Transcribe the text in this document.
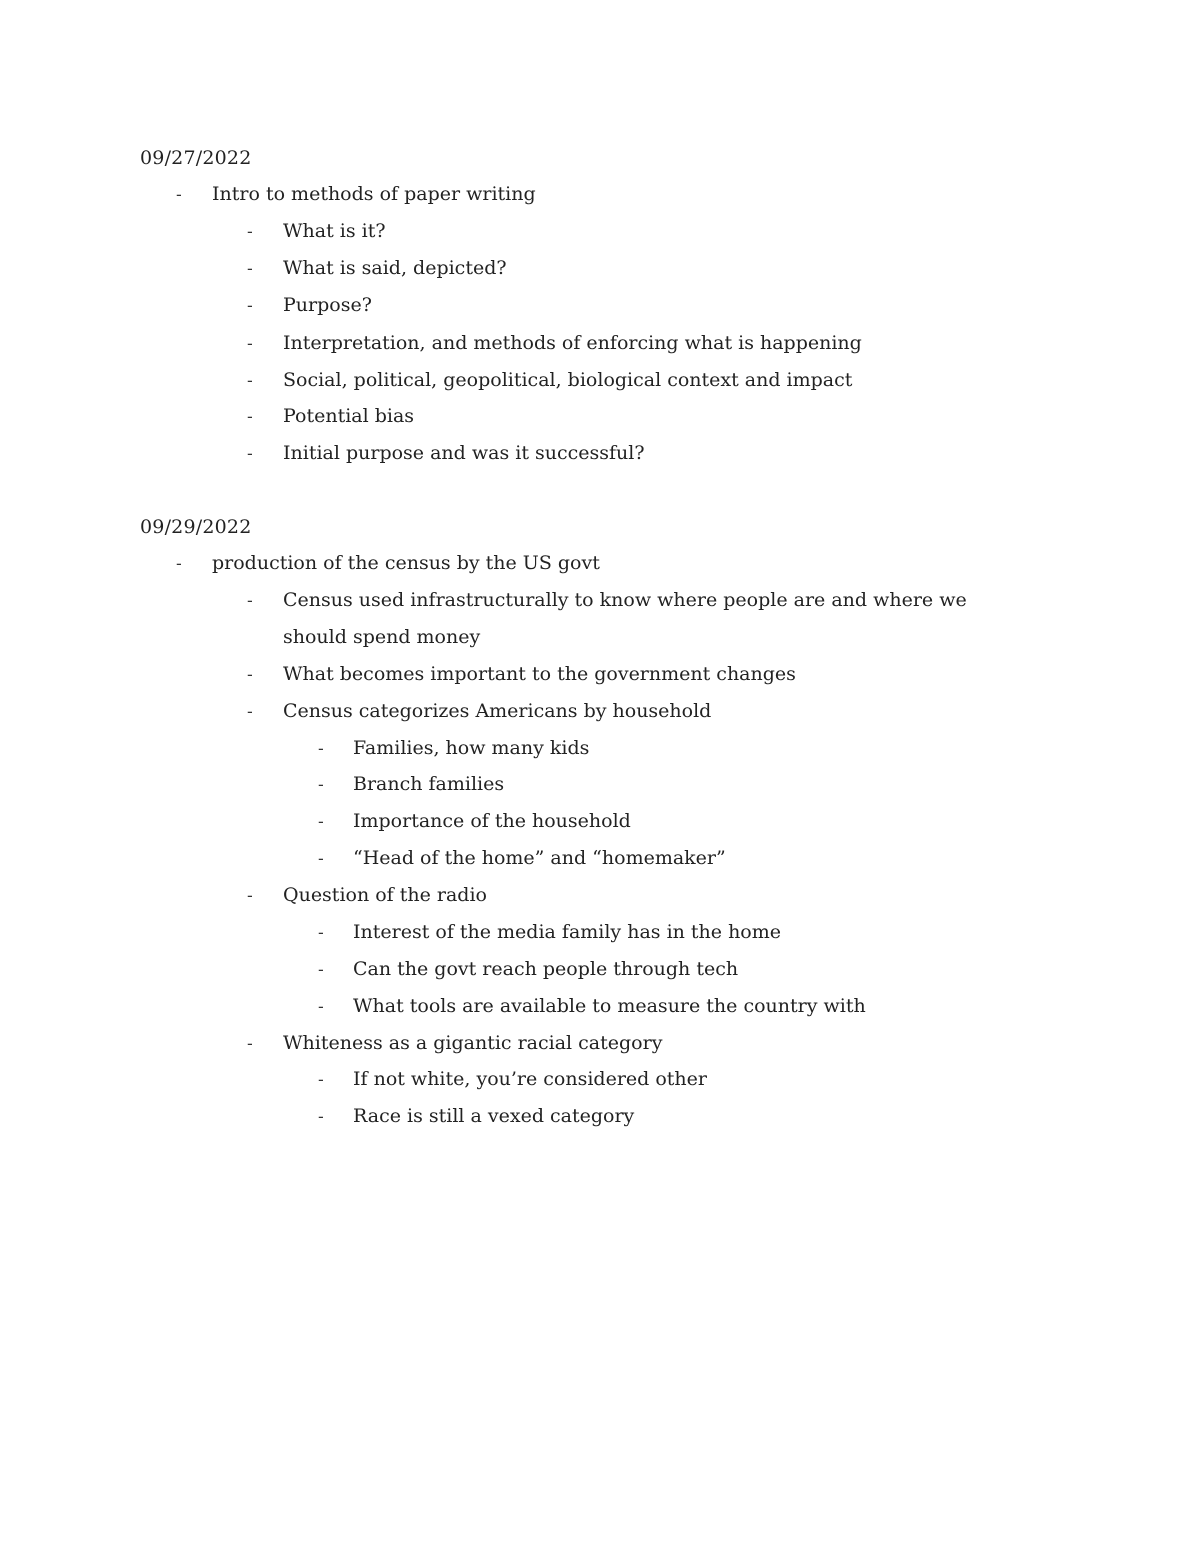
09/27/2022
- Intro to methods of paper writing
- What is it?
- What is said, depicted?
- Purpose?
- Interpretation, and methods of enforcing what is happening
- Social, political, geopolitical, biological context and impact
- Potential bias
- Initial purpose and was it successful?
09/29/2022
- production of the census by the US govt
- Census used infrastructurally to know where people are and where we should spend money
- What becomes important to the government changes
- Census categorizes Americans by household
- Families, how many kids
- Branch families
- Importance of the household
- “Head of the home” and “homemaker”
- Question of the radio
- Interest of the media family has in the home
- Can the govt reach people through tech
- What tools are available to measure the country with
- Whiteness as a gigantic racial category
- If not white, you’re considered other
- Race is still a vexed category
